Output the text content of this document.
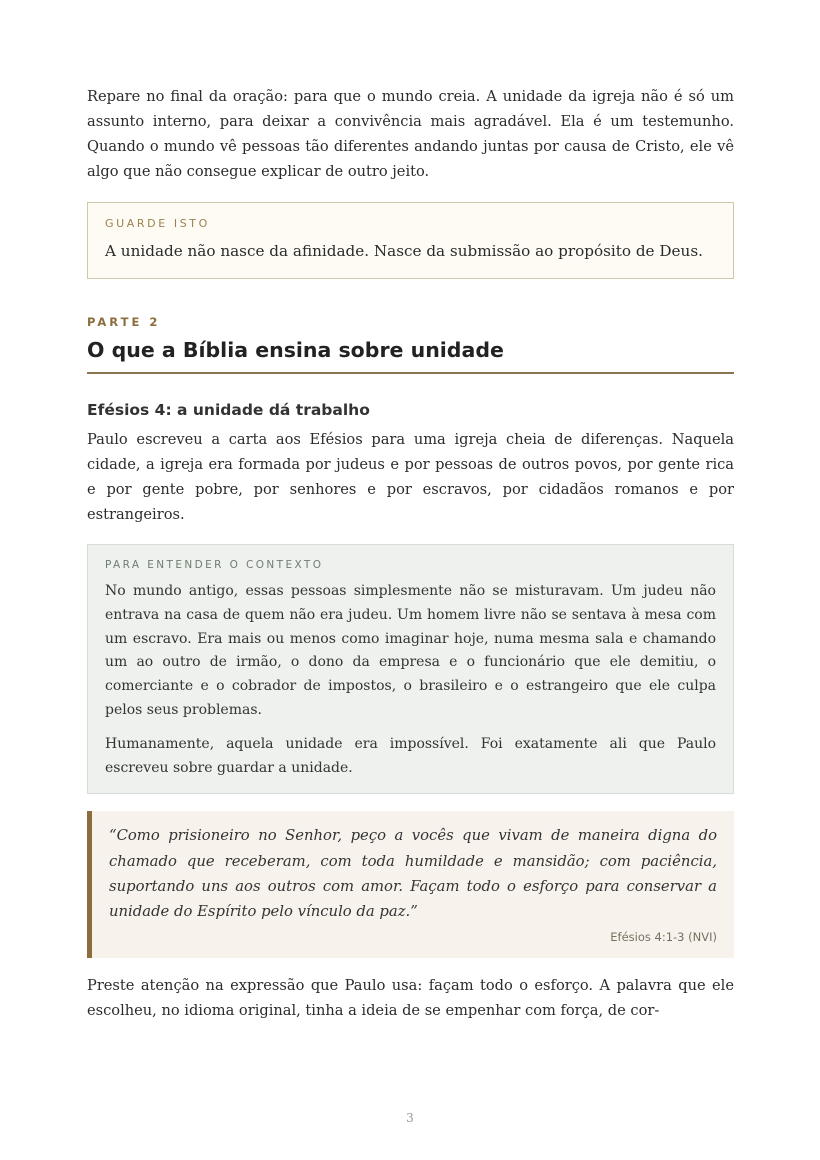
Repare no final da oração: para que o mundo creia. A unidade da igreja não é só um assunto interno, para deixar a convivência mais agradável. Ela é um testemunho. Quando o mundo vê pessoas tão diferentes andando juntas por causa de Cristo, ele vê algo que não consegue explicar de outro jeito.

GUARDE ISTO

A unidade não nasce da afinidade. Nasce da submissão ao propósito de Deus.

PARTE 2
O que a Bíblia ensina sobre unidade
Efésios 4: a unidade dá trabalho

Paulo escreveu a carta aos Efésios para uma igreja cheia de diferenças. Naquela cidade, a igreja era formada por judeus e por pessoas de outros povos, por gente rica e por gente pobre, por senhores e por escravos, por cidadãos romanos e por estrangeiros.

PARA ENTENDER O CONTEXTO

No mundo antigo, essas pessoas simplesmente não se misturavam. Um judeu não entrava na casa de quem não era judeu. Um homem livre não se sentava à mesa com um escravo. Era mais ou menos como imaginar hoje, numa mesma sala e chamando um ao outro de irmão, o dono da empresa e o funcionário que ele demitiu, o comerciante e o cobrador de impostos, o brasileiro e o estrangeiro que ele culpa pelos seus problemas.

Humanamente, aquela unidade era impossível. Foi exatamente ali que Paulo escreveu sobre guardar a unidade.

“Como prisioneiro no Senhor, peço a vocês que vivam de maneira digna do chamado que receberam, com toda humildade e mansidão; com paciência, suportando uns aos outros com amor. Façam todo o esforço para conservar a unidade do Espírito pelo vínculo da paz.”

Efésios 4:1-3 (NVI)

Preste atenção na expressão que Paulo usa: façam todo o esforço. A palavra que ele escolheu, no idioma original, tinha a ideia de se empenhar com força, de cor-

3
